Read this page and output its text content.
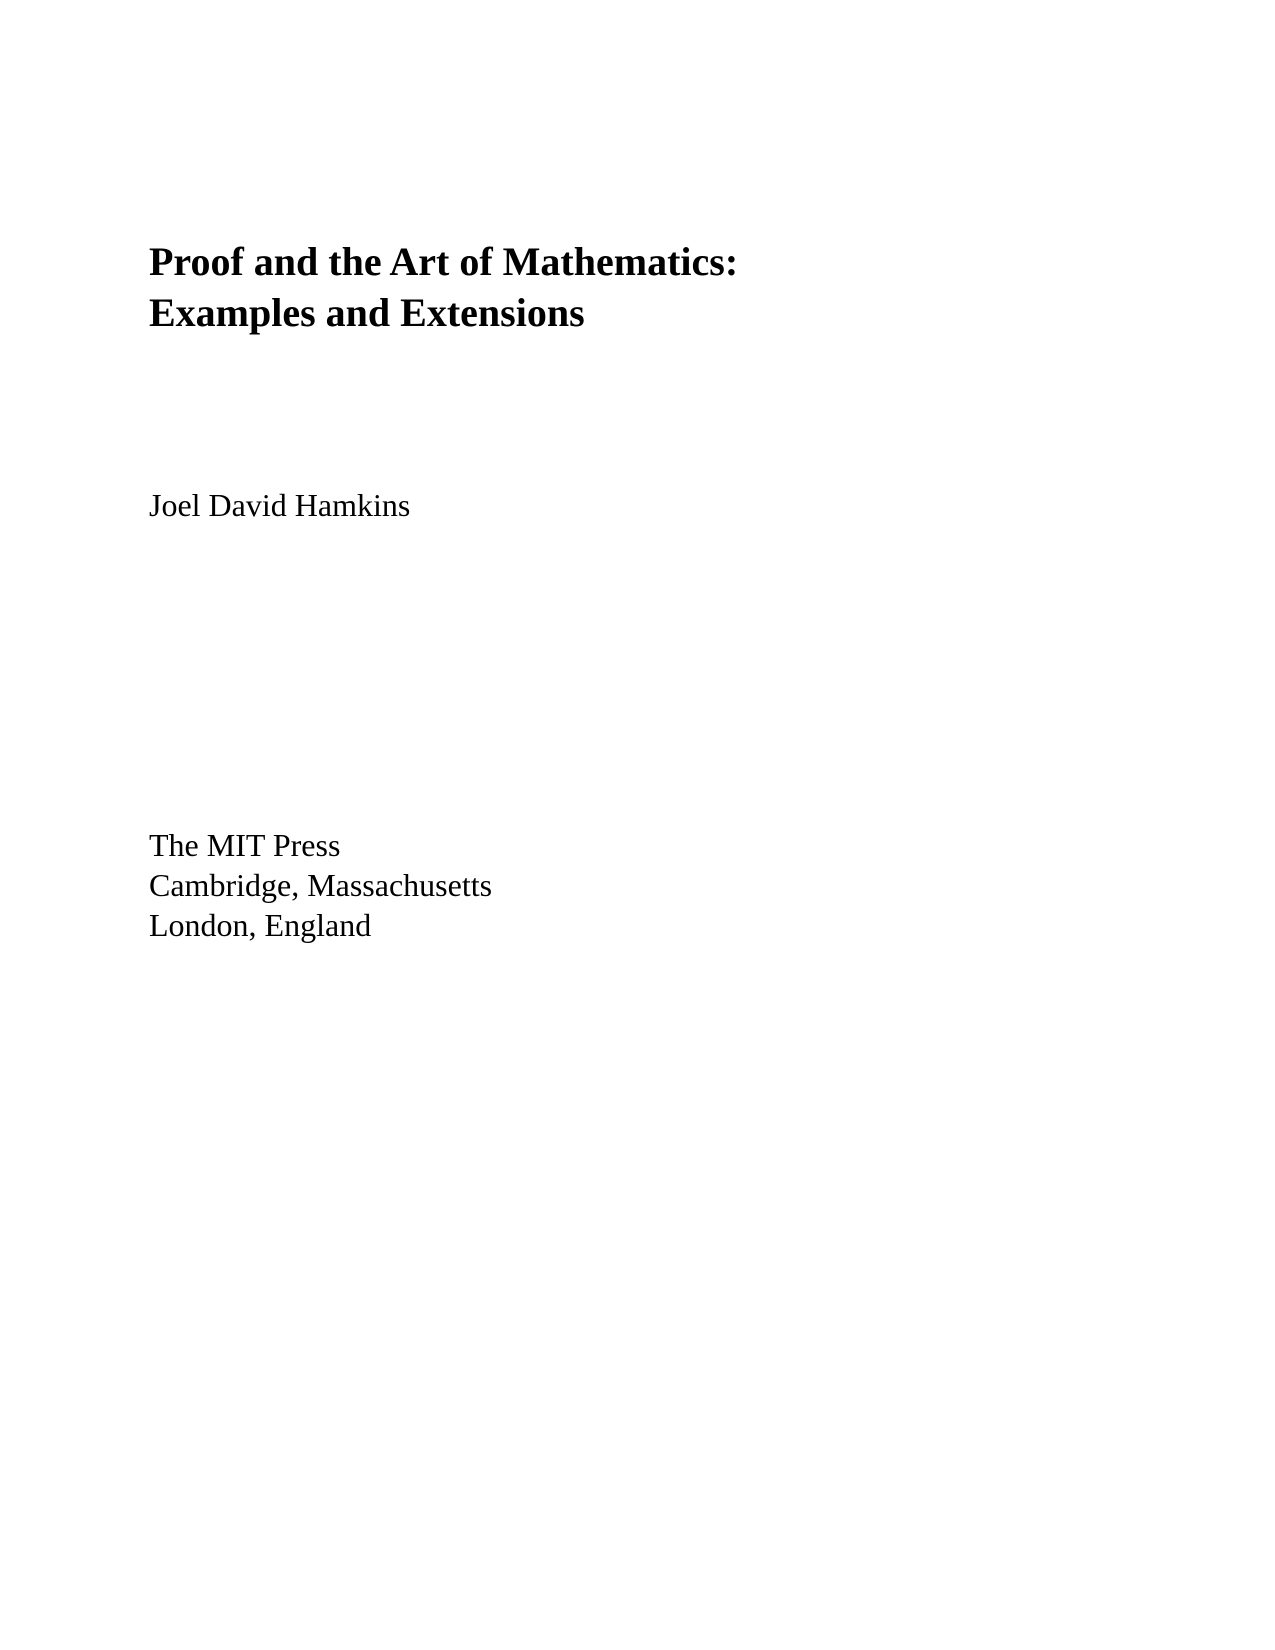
Proof and the Art of Mathematics:
Examples and Extensions
Joel David Hamkins
The MIT Press
Cambridge, Massachusetts
London, England
